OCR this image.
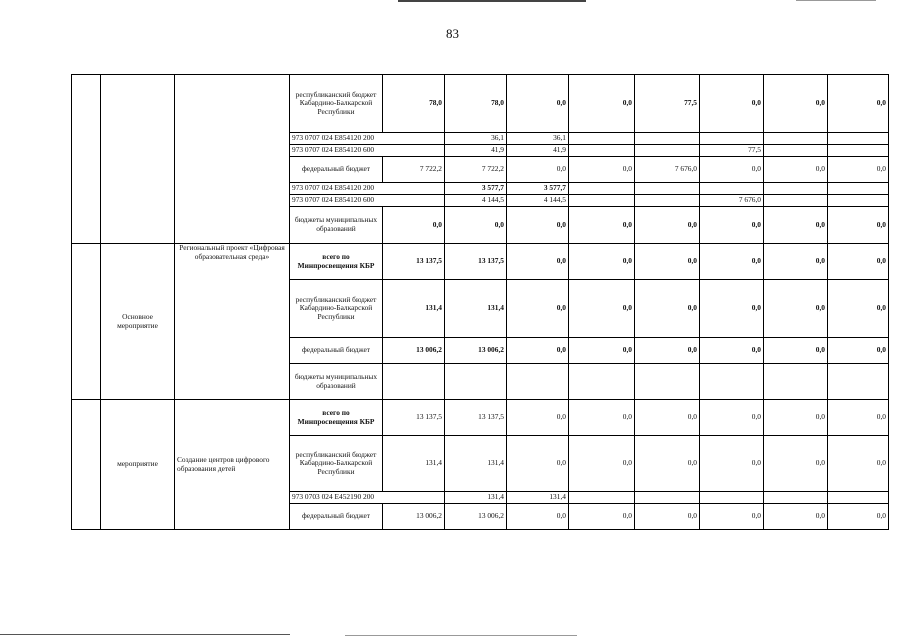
83
			республиканский бюджет Кабардино-Балкарской Республики	78,0	78,0	0,0	0,0	77,5	0,0	0,0	0,0	
			973 0707 024 E854120 200		36,1	36,1						
			973 0707 024 E854120 600		41,9	41,9			77,5			
			федеральный бюджет	7 722,2	7 722,2	0,0	0,0	7 676,0	0,0	0,0	0,0	
			973 0707 024 E854120 200		3 577,7	3 577,7						
			973 0707 024 E854120 600		4 144,5	4 144,5			7 676,0			
			бюджеты муниципальных образований	0,0	0,0	0,0	0,0	0,0	0,0	0,0	0,0	
	Основное мероприятие	Региональный проект «Цифровая образовательная среда»	всего по Минпросвещения КБР	13 137,5	13 137,5	0,0	0,0	0,0	0,0	0,0	0,0	
			республиканский бюджет Кабардино-Балкарской Республики	131,4	131,4	0,0	0,0	0,0	0,0	0,0	0,0	
			федеральный бюджет	13 006,2	13 006,2	0,0	0,0	0,0	0,0	0,0	0,0	
			бюджеты муниципальных образований									
	мероприятие	Создание центров цифрового образования детей	всего по Минпросвещения КБР	13 137,5	13 137,5	0,0	0,0	0,0	0,0	0,0	0,0	
			республиканский бюджет Кабардино-Балкарской Республики	131,4	131,4	0,0	0,0	0,0	0,0	0,0	0,0	
			973 0703 024 E452190 200		131,4	131,4						
			федеральный бюджет	13 006,2	13 006,2	0,0	0,0	0,0	0,0	0,0	0,0	
